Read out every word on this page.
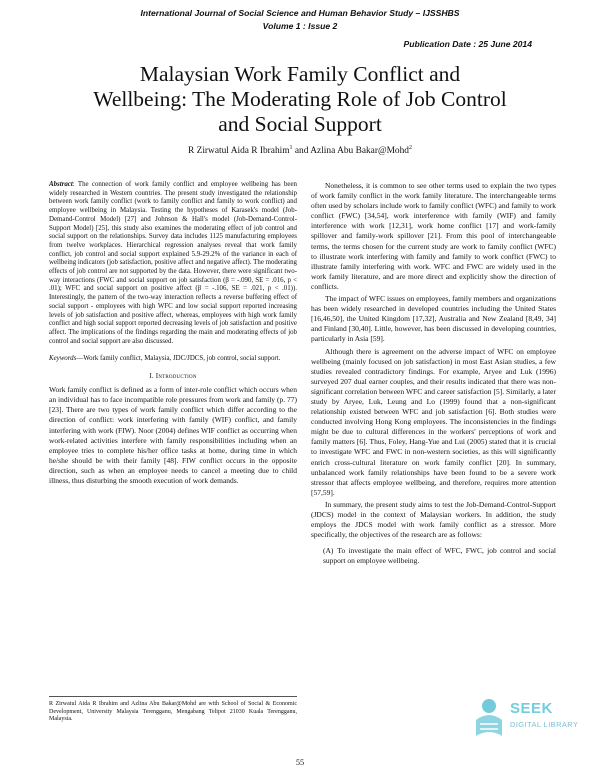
International Journal of Social Science and Human Behavior Study – IJSSHBS
Volume 1 : Issue 2
Publication Date : 25 June 2014
Malaysian Work Family Conflict and
Wellbeing: The Moderating Role of Job Control
and Social Support
R Zirwatul Aida R Ibrahim$^1$ and Azlina Abu Bakar@Mohd$^2$

Abstract: The connection of work family conflict and employee wellbeing has been widely researched in Western countries. The present study investigated the relationship between work family conflict (work to family conflict and family to work conflict) and employee wellbeing in Malaysia. Testing the hypotheses of Karasek's model (Job-Demand-Control Model) [27] and Johnson & Hall's model (Job-Demand-Control-Support Model) [25], this study also examines the moderating effect of job control and social support on the relationships. Survey data includes 1125 manufacturing employees from twelve workplaces. Hierarchical regression analyses reveal that work family conflict, job control and social support explained 5.9-29.2% of the variance in each of wellbeing indicators (job satisfaction, positive affect and negative affect). The moderating effects of job control are not supported by the data. However, there were significant two-way interactions (FWC and social support on job satisfaction (β = -.090, SE = .016, p < .01); WFC and social support on positive affect (β = -.106, SE = .021, p < .01)). Interestingly, the pattern of the two-way interaction reflects a reverse buffering effect of social support - employees with high WFC and low social support reported increasing levels of job satisfaction and positive affect, whereas, employees with high work family conflict and high social support reported decreasing levels of job satisfaction and positive affect. The implications of the findings regarding the main and moderating effects of job control and social support are also discussed.

Keywords—Work family conflict, Malaysia, JDC/JDCS, job control, social support.

I. Introduction

Work family conflict is defined as a form of inter-role conflict which occurs when an individual has to face incompatible role pressures from work and family (p. 77) [23]. There are two types of work family conflict which differ according to the direction of conflict: work interfering with family (WIF) conflict, and family interfering with work (FIW). Noor (2004) defines WIF conflict as occurring when work-related activities interfere with family responsibilities including when an employee tries to complete his/her office tasks at home, during time in which he/she should be with their family [48]. FIW conflict occurs in the opposite direction, such as when an employee needs to cancel a meeting due to child illness, thus disturbing the smooth execution of work demands.

R Zirwatul Aida R Ibrahim and Azlina Abu Bakar@Mohd are with School of Social & Economic Development, University Malaysia Terengganu, Mengabang Telipot 21030 Kuala Terengganu, Malaysia.

Nonetheless, it is common to see other terms used to explain the two types of work family conflict in the work family literature. The interchangeable terms often used by scholars include work to family conflict (WFC) and family to work conflict (FWC) [34,54], work interference with family (WIF) and family interference with work [12,31], work home conflict [17] and work-family spillover and family-work spillover [21]. From this pool of interchangeable terms, the terms chosen for the current study are work to family conflict (WFC) to illustrate work interfering with family and family to work conflict (FWC) to illustrate family interfering with work. WFC and FWC are widely used in the work family literature, and are more direct and explicitly show the direction of conflicts.

The impact of WFC issues on employees, family members and organizations has been widely researched in developed countries including the United States [16,46,50], the United Kingdom [17,32], Australia and New Zealand [8,49, 34] and Finland [30,40]. Little, however, has been discussed in developing countries, particularly in Asia [59].

Although there is agreement on the adverse impact of WFC on employee wellbeing (mainly focused on job satisfaction) in most East Asian studies, a few studies revealed contradictory findings. For example, Aryee and Luk (1996) surveyed 207 dual earner couples, and their results indicated that there was non-significant correlation between WFC and career satisfaction [5]. Similarly, a later study by Aryee, Luk, Leung and Lo (1999) found that a non-significant relationship existed between WFC and job satisfaction [6]. Both studies were conducted involving Hong Kong employees. The inconsistencies in the findings might be due to cultural differences in the workers' perceptions of work and family matters [6]. Thus, Foley, Hang-Yue and Lui (2005) stated that it is crucial to investigate WFC and FWC in non-western societies, as this will significantly enrich cross-cultural literature on work family conflict [20]. In summary, unbalanced work family relationships have been found to be a severe work stressor that affects employee wellbeing, and therefore, requires more attention [57,59].

In summary, the present study aims to test the Job-Demand-Control-Support (JDCS) model in the context of Malaysian workers. In addition, the study employs the JDCS model with work family conflict as a stressor. More specifically, the objectives of the research are as follows:

(A) To investigate the main effect of WFC, FWC, job control and social support on employee wellbeing.

SEEK
DIGITAL LIBRARY
55
